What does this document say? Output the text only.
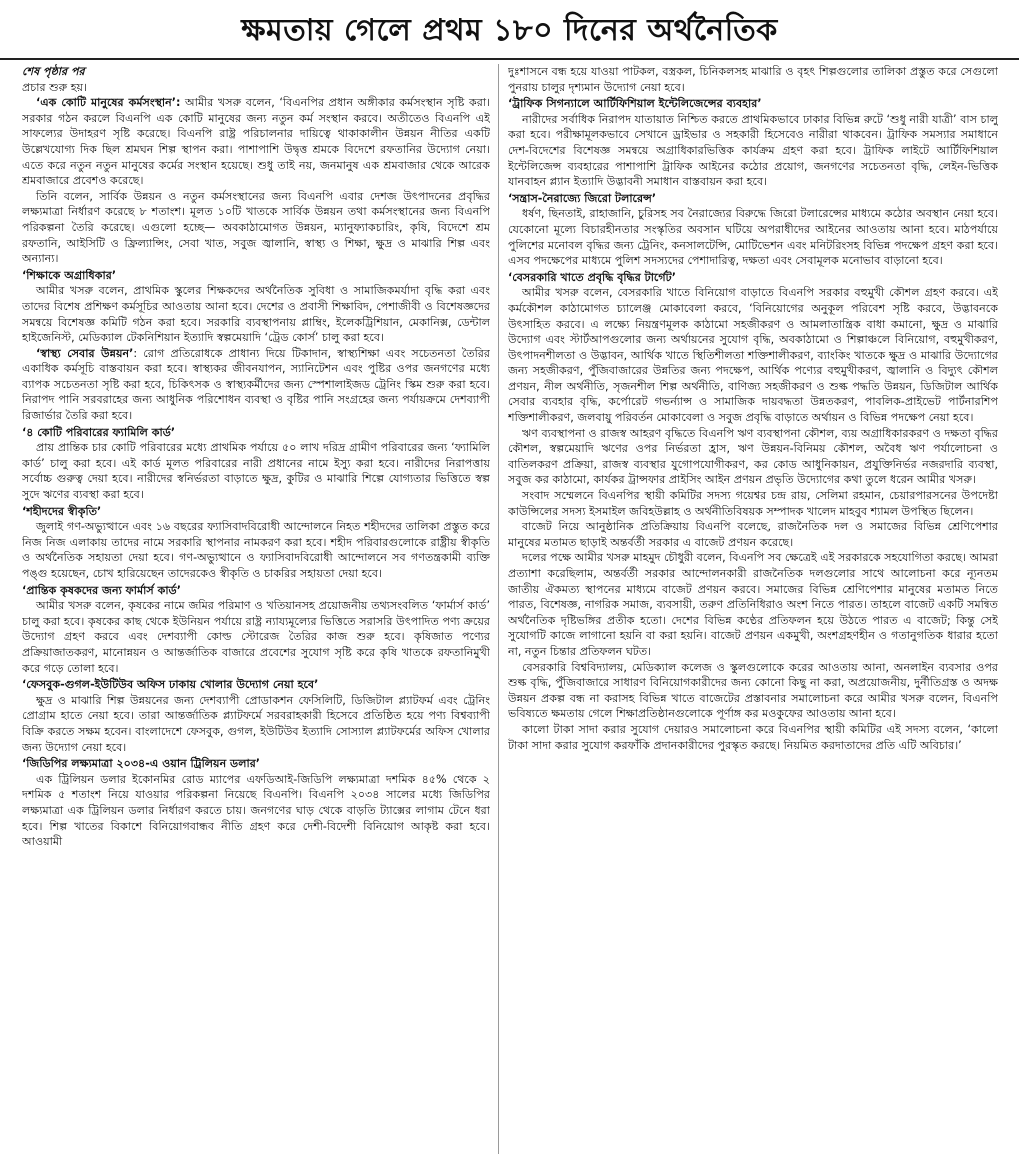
ক্ষমতায় গেলে প্রথম ১৮০ দিনের অর্থনৈতিক
শেষ পৃষ্ঠার পর

প্রচার শুরু হয়।

‘এক কোটি মানুষের কর্মসংস্থান’: আমীর খসরু বলেন, ‘বিএনপির প্রধান অঙ্গীকার কর্মসংস্থান সৃষ্টি করা। সরকার গঠন করলে বিএনপি এক কোটি মানুষের জন্য নতুন কর্ম সংস্থান করবে। অতীতেও বিএনপি এই সাফল্যের উদাহরণ সৃষ্টি করেছে। বিএনপি রাষ্ট্র পরিচালনার দায়িত্বে থাকাকালীন উন্নয়ন নীতির একটি উল্লেখযোগ্য দিক ছিল শ্রমঘন শিল্প স্থাপন করা। পাশাপাশি উদ্বৃত্ত শ্রমকে বিদেশে রফতানির উদ্যোগ নেয়া। এতে করে নতুন নতুন মানুষের কর্মের সংস্থান হয়েছে। শুধু তাই নয়, জনমানুষ এক শ্রমবাজার থেকে আরেক শ্রমবাজারে প্রবেশও করেছে।

তিনি বলেন, সার্বিক উন্নয়ন ও নতুন কর্মসংস্থানের জন্য বিএনপি এবার দেশজ উৎপাদনের প্রবৃদ্ধির লক্ষ্যমাত্রা নির্ধারণ করেছে ৮ শতাংশ। মূলত ১০টি খাতকে সার্বিক উন্নয়ন তথা কর্মসংস্থানের জন্য বিএনপি পরিকল্পনা তৈরি করেছে। এগুলো হচ্ছে— অবকাঠামোগত উন্নয়ন, ম্যানুফ্যাকচারিং, কৃষি, বিদেশে শ্রম রফতানি, আইসিটি ও ফ্রিল্যান্সিং, সেবা খাত, সবুজ জ্বালানি, স্বাস্থ্য ও শিক্ষা, ক্ষুদ্র ও মাঝারি শিল্প এবং অন্যান্য।

‘শিক্ষাকে অগ্রাধিকার’

আমীর খসরু বলেন, প্রাথমিক স্কুলের শিক্ষকদের অর্থনৈতিক সুবিধা ও সামাজিকমর্যাদা বৃদ্ধি করা এবং তাদের বিশেষ প্রশিক্ষণ কর্মসূচির আওতায় আনা হবে। দেশের ও প্রবাসী শিক্ষাবিদ, পেশাজীবী ও বিশেষজ্ঞদের সমন্বয়ে বিশেষজ্ঞ কমিটি গঠন করা হবে। সরকারি ব্যবস্থাপনায় প্লাম্বিং, ইলেকট্রিশিয়ান, মেকানিক্স, ডেন্টাল হাইজেনিস্ট, মেডিক্যাল টেকনিশিয়ান ইত্যাদি স্বল্পমেয়াদি ‘ট্রেড কোর্স’ চালু করা হবে।

‘স্বাস্থ্য সেবার উন্নয়ন’: রোগ প্রতিরোধকে প্রাধান্য দিয়ে টিকাদান, স্বাস্থ্যশিক্ষা এবং সচেতনতা তৈরির একাধিক কর্মসূচি বাস্তবায়ন করা হবে। স্বাস্থ্যকর জীবনযাপন, স্যানিটেশন এবং পুষ্টির ওপর জনগণের মধ্যে ব্যাপক সচেতনতা সৃষ্টি করা হবে, চিকিৎসক ও স্বাস্থ্যকর্মীদের জন্য স্পেশালাইজড ট্রেনিং স্কিম শুরু করা হবে। নিরাপদ পানি সরবরাহের জন্য আধুনিক পরিশোধন ব্যবস্থা ও বৃষ্টির পানি সংগ্রহের জন্য পর্যায়ক্রমে দেশব্যাপী রিজার্ভার তৈরি করা হবে।

‘৪ কোটি পরিবারের ফ্যামিলি কার্ড’

প্রায় প্রান্তিক চার কোটি পরিবারের মধ্যে প্রাথমিক পর্যায়ে ৫০ লাখ দরিদ্র গ্রামীণ পরিবারের জন্য ‘ফ্যামিলি কার্ড’ চালু করা হবে। এই কার্ড মূলত পরিবারের নারী প্রধানের নামে ইস্যু করা হবে। নারীদের নিরাপত্তায় সর্বোচ্চ গুরুত্ব দেয়া হবে। নারীদের স্বনির্ভরতা বাড়াতে ক্ষুদ্র, কুটির ও মাঝারি শিল্পে যোগ্যতার ভিত্তিতে স্বল্প সুদে ঋণের ব্যবস্থা করা হবে।

‘শহীদদের স্বীকৃতি’

জুলাই গণ-অভ্যুত্থানে এবং ১৬ বছরের ফ্যাসিবাদবিরোধী আন্দোলনে নিহত শহীদদের তালিকা প্রস্তুত করে নিজ নিজ এলাকায় তাদের নামে সরকারি স্থাপনার নামকরণ করা হবে। শহীদ পরিবারগুলোকে রাষ্ট্রীয় স্বীকৃতি ও অর্থনৈতিক সহায়তা দেয়া হবে। গণ-অভ্যুত্থানে ও ফ্যাসিবাদবিরোধী আন্দোলনে সব গণতন্ত্রকামী ব্যক্তি পঙ্গু হয়েছেন, চোখ হারিয়েছেন তাদেরকেও স্বীকৃতি ও চাকরির সহায়তা দেয়া হবে।

‘প্রান্তিক কৃষকদের জন্য ফার্মার্স কার্ড’

আমীর খসরু বলেন, কৃষকের নামে জমির পরিমাণ ও খতিয়ানসহ প্রয়োজনীয় তথ্যসংবলিত ‘ফার্মার্স কার্ড’ চালু করা হবে। কৃষকের কাছ থেকে ইউনিয়ন পর্যায়ে রাষ্ট্র ন্যায্যমূল্যের ভিত্তিতে সরাসরি উৎপাদিত পণ্য ক্রয়ের উদ্যোগ গ্রহণ করবে এবং দেশব্যাপী কোল্ড স্টোরেজ তৈরির কাজ শুরু হবে। কৃষিজাত পণ্যের প্রক্রিয়াজাতকরণ, মানোন্নয়ন ও আন্তর্জাতিক বাজারে প্রবেশের সুযোগ সৃষ্টি করে কৃষি খাতকে রফতানিমুখী করে গড়ে তোলা হবে।

‘ফেসবুক-গুগল-ইউটিউব অফিস ঢাকায় খোলার উদ্যোগ নেয়া হবে’

ক্ষুদ্র ও মাঝারি শিল্প উন্নয়নের জন্য দেশব্যাপী প্রোডাকশন ফেসিলিটি, ডিজিটাল প্ল্যাটফর্ম এবং ট্রেনিং প্রোগ্রাম হাতে নেয়া হবে। তারা আন্তর্জাতিক প্ল্যাটফর্মে সরবরাহকারী হিসেবে প্রতিষ্ঠিত হয়ে পণ্য বিশ্বব্যাপী বিক্রি করতে সক্ষম হবেন। বাংলাদেশে ফেসবুক, গুগল, ইউটিউব ইত্যাদি সোস্যাল প্ল্যাটফর্মের অফিস খোলার জন্য উদ্যোগ নেয়া হবে।

‘জিডিপির লক্ষ্যমাত্রা ২০৩৪-এ ওয়ান ট্রিলিয়ন ডলার’

এক ট্রিলিয়ন ডলার ইকোনমির রোড ম্যাপের এফডিআই-জিডিপি লক্ষ্যমাত্রা দশমিক ৪৫% থেকে ২ দশমিক ৫ শতাংশ নিয়ে যাওয়ার পরিকল্পনা নিয়েছে বিএনপি। বিএনপি ২০৩৪ সালের মধ্যে জিডিপির লক্ষ্যমাত্রা এক ট্রিলিয়ন ডলার নির্ধারণ করতে চায়। জনগণের ঘাড় থেকে বাড়তি ট্যাক্সের লাগাম টেনে ধরা হবে। শিল্প খাতের বিকাশে বিনিয়োগবান্ধব নীতি গ্রহণ করে দেশী-বিদেশী বিনিয়োগ আকৃষ্ট করা হবে। আওয়ামী

দুঃশাসনে বন্ধ হয়ে যাওয়া পাটকল, বস্ত্রকল, চিনিকলসহ মাঝারি ও বৃহৎ শিল্পগুলোর তালিকা প্রস্তুত করে সেগুলো পুনরায় চালুর দৃশ্যমান উদ্যোগ নেয়া হবে।

‘ট্রাফিক সিগন্যালে আর্টিফিশিয়াল ইন্টেলিজেন্সের ব্যবহার’

নারীদের সর্বাধিক নিরাপদ যাতায়াত নিশ্চিত করতে প্রাথমিকভাবে ঢাকার বিভিন্ন রুটে ‘শুধু নারী যাত্রী’ বাস চালু করা হবে। পরীক্ষামূলকভাবে সেখানে ড্রাইভার ও সহকারী হিসেবেও নারীরা থাকবেন। ট্রাফিক সমস্যার সমাধানে দেশ-বিদেশের বিশেষজ্ঞ সমন্বয়ে অগ্রাধিকারভিত্তিক কার্যক্রম গ্রহণ করা হবে। ট্রাফিক লাইটে আর্টিফিশিয়াল ইন্টেলিজেন্স ব্যবহারের পাশাপাশি ট্রাফিক আইনের কঠোর প্রয়োগ, জনগণের সচেতনতা বৃদ্ধি, লেইন-ভিত্তিক যানবাহন প্ল্যান ইত্যাদি উদ্ভাবনী সমাধান বাস্তবায়ন করা হবে।

‘সন্ত্রাস-নৈরাজ্যে জিরো টলারেন্স’

ধর্ষণ, ছিনতাই, রাহাজানি, চুরিসহ সব নৈরাজ্যের বিরুদ্ধে জিরো টলারেন্সের মাধ্যমে কঠোর অবস্থান নেয়া হবে। যেকোনো মূল্যে বিচারহীনতার সংস্কৃতির অবসান ঘটিয়ে অপরাধীদের আইনের আওতায় আনা হবে। মাঠপর্যায়ে পুলিশের মনোবল বৃদ্ধির জন্য ট্রেনিং, কনসালটেন্সি, মোটিভেশন এবং মনিটরিংসহ বিভিন্ন পদক্ষেপ গ্রহণ করা হবে। এসব পদক্ষেপের মাধ্যমে পুলিশ সদস্যদের পেশাদারিত্ব, দক্ষতা এবং সেবামূলক মনোভাব বাড়ানো হবে।

‘বেসরকারি খাতে প্রবৃদ্ধি বৃদ্ধির টার্গেট’

আমীর খসরু বলেন, বেসরকারি খাতে বিনিয়োগ বাড়াতে বিএনপি সরকার বহুমুখী কৌশল গ্রহণ করবে। এই কর্মকৌশল কাঠামোগত চ্যালেঞ্জ মোকাবেলা করবে, ‘বিনিয়োগের অনুকূল পরিবেশ সৃষ্টি করবে, উদ্ভাবনকে উৎসাহিত করবে। এ লক্ষ্যে নিয়ন্ত্রণমূলক কাঠামো সহজীকরণ ও আমলাতান্ত্রিক বাধা কমানো, ক্ষুদ্র ও মাঝারি উদ্যোগ এবং স্টার্টআপগুলোর জন্য অর্থায়নের সুযোগ বৃদ্ধি, অবকাঠামো ও শিল্পাঞ্চলে বিনিয়োগ, বহুমুখীকরণ, উৎপাদনশীলতা ও উদ্ভাবন, আর্থিক খাতে স্থিতিশীলতা শক্তিশালীকরণ, ব্যাংকিং খাতকে ক্ষুদ্র ও মাঝারি উদ্যোগের জন্য সহজীকরণ, পুঁজিবাজারের উন্নতির জন্য পদক্ষেপ, আর্থিক পণ্যের বহুমুখীকরণ, জ্বালানি ও বিদ্যুৎ কৌশল প্রণয়ন, নীল অর্থনীতি, সৃজনশীল শিল্প অর্থনীতি, বাণিজ্য সহজীকরণ ও শুল্ক পদ্ধতি উন্নয়ন, ডিজিটাল আর্থিক সেবার ব্যবহার বৃদ্ধি, কর্পোরেট গভর্ন্যান্স ও সামাজিক দায়বদ্ধতা উন্নতকরণ, পাবলিক-প্রাইভেট পার্টনারশিপ শক্তিশালীকরণ, জলবায়ু পরিবর্তন মোকাবেলা ও সবুজ প্রবৃদ্ধি বাড়াতে অর্থায়ন ও বিভিন্ন পদক্ষেপ নেয়া হবে।

ঋণ ব্যবস্থাপনা ও রাজস্ব আহরণ বৃদ্ধিতে বিএনপি ঋণ ব্যবস্থাপনা কৌশল, ব্যয় অগ্রাধিকারকরণ ও দক্ষতা বৃদ্ধির কৌশল, স্বল্পমেয়াদি ঋণের ওপর নির্ভরতা হ্রাস, ঋণ উন্নয়ন-বিনিময় কৌশল, অবৈধ ঋণ পর্যালোচনা ও বাতিলকরণ প্রক্রিয়া, রাজস্ব ব্যবস্থার যুগোপযোগীকরণ, কর কোড আধুনিকায়ন, প্রযুক্তিনির্ভর নজরদারি ব্যবস্থা, সবুজ কর কাঠামো, কার্যকর ট্রান্সফার প্রাইসিং আইন প্রণয়ন প্রভৃতি উদ্যোগের কথা তুলে ধরেন আমীর খসরু।

সংবাদ সম্মেলনে বিএনপির স্থায়ী কমিটির সদস্য গয়েশ্বর চন্দ্র রায়, সেলিমা রহমান, চেয়ারপারসনের উপদেষ্টা কাউন্সিলের সদস্য ইসমাইল জবিহউল্লাহ ও অর্থনীতিবিষয়ক সম্পাদক খালেদ মাহবুব শ্যামল উপস্থিত ছিলেন।

বাজেট নিয়ে আনুষ্ঠানিক প্রতিক্রিয়ায় বিএনপি বলেছে, রাজনৈতিক দল ও সমাজের বিভিন্ন শ্রেণিপেশার মানুষের মতামত ছাড়াই অন্তর্বর্তী সরকার এ বাজেট প্রণয়ন করেছে।

দলের পক্ষে আমীর খসরু মাহমুদ চৌধুরী বলেন, বিএনপি সব ক্ষেত্রেই এই সরকারকে সহযোগিতা করছে। আমরা প্রত্যাশা করেছিলাম, অন্তর্বর্তী সরকার আন্দোলনকারী রাজনৈতিক দলগুলোর সাথে আলোচনা করে ন্যূনতম জাতীয় ঐকমত্য স্থাপনের মাধ্যমে বাজেট প্রণয়ন করবে। সমাজের বিভিন্ন শ্রেণিপেশার মানুষের মতামত নিতে পারত, বিশেষজ্ঞ, নাগরিক সমাজ, ব্যবসায়ী, তরুণ প্রতিনিধিরাও অংশ নিতে পারত। তাহলে বাজেট একটি সমন্বিত অর্থনৈতিক দৃষ্টিভঙ্গির প্রতীক হতো। দেশের বিভিন্ন কণ্ঠের প্রতিফলন হয়ে উঠতে পারত এ বাজেট; কিন্তু সেই সুযোগটি কাজে লাগানো হয়নি বা করা হয়নি। বাজেট প্রণয়ন একমুখী, অংশগ্রহণহীন ও গতানুগতিক ধারার হতো না, নতুন চিন্তার প্রতিফলন ঘটত।

বেসরকারি বিশ্ববিদ্যালয়, মেডিক্যাল কলেজ ও স্কুলগুলোকে করের আওতায় আনা, অনলাইন ব্যবসার ওপর শুল্ক বৃদ্ধি, পুঁজিবাজারে সাধারণ বিনিয়োগকারীদের জন্য কোনো কিছু না করা, অপ্রয়োজনীয়, দুর্নীতিগ্রস্ত ও অদক্ষ উন্নয়ন প্রকল্প বন্ধ না করাসহ বিভিন্ন খাতে বাজেটের প্রস্তাবনার সমালোচনা করে আমীর খসরু বলেন, বিএনপি ভবিষ্যতে ক্ষমতায় গেলে শিক্ষাপ্রতিষ্ঠানগুলোকে পূর্ণাঙ্গ কর মওকুফের আওতায় আনা হবে।

কালো টাকা সাদা করার সুযোগ দেয়ারও সমালোচনা করে বিএনপির স্থায়ী কমিটির এই সদস্য বলেন, ‘কালো টাকা সাদা করার সুযোগ করফাঁকি প্রদানকারীদের পুরস্কৃত করছে। নিয়মিত করদাতাদের প্রতি এটি অবিচার।’
